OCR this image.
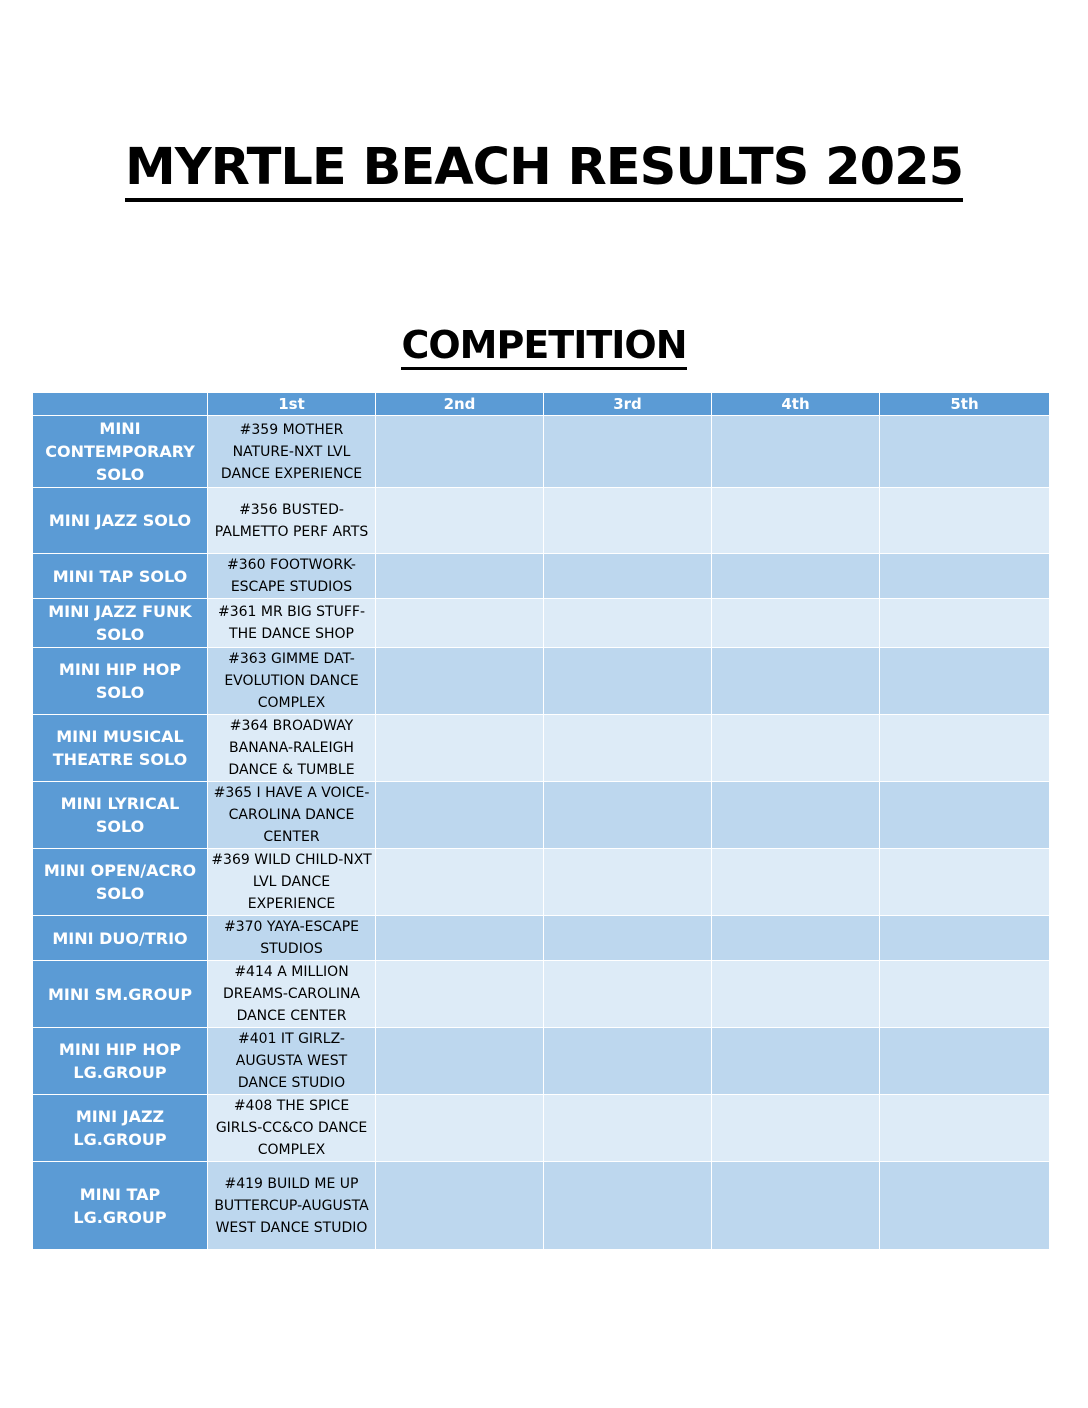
MYRTLE BEACH RESULTS 2025
COMPETITION
	1st	2nd	3rd	4th	5th
MINI CONTEMPORARY SOLO	#359 MOTHER NATURE-NXT LVL DANCE EXPERIENCE				
MINI JAZZ SOLO	#356 BUSTED-PALMETTO PERF ARTS				
MINI TAP SOLO	#360 FOOTWORK-ESCAPE STUDIOS				
MINI JAZZ FUNK SOLO	#361 MR BIG STUFF-THE DANCE SHOP				
MINI HIP HOP SOLO	#363 GIMME DAT-EVOLUTION DANCE COMPLEX				
MINI MUSICAL THEATRE SOLO	#364 BROADWAY BANANA-RALEIGH DANCE & TUMBLE				
MINI LYRICAL SOLO	#365 I HAVE A VOICE-CAROLINA DANCE CENTER				
MINI OPEN/ACRO SOLO	#369 WILD CHILD-NXT LVL DANCE EXPERIENCE				
MINI DUO/TRIO	#370 YAYA-ESCAPE STUDIOS				
MINI SM.GROUP	#414 A MILLION DREAMS-CAROLINA DANCE CENTER				
MINI HIP HOP LG.GROUP	#401 IT GIRLZ-AUGUSTA WEST DANCE STUDIO				
MINI JAZZ LG.GROUP	#408 THE SPICE GIRLS-CC&CO DANCE COMPLEX				
MINI TAP LG.GROUP	#419 BUILD ME UP BUTTERCUP-AUGUSTA WEST DANCE STUDIO				
